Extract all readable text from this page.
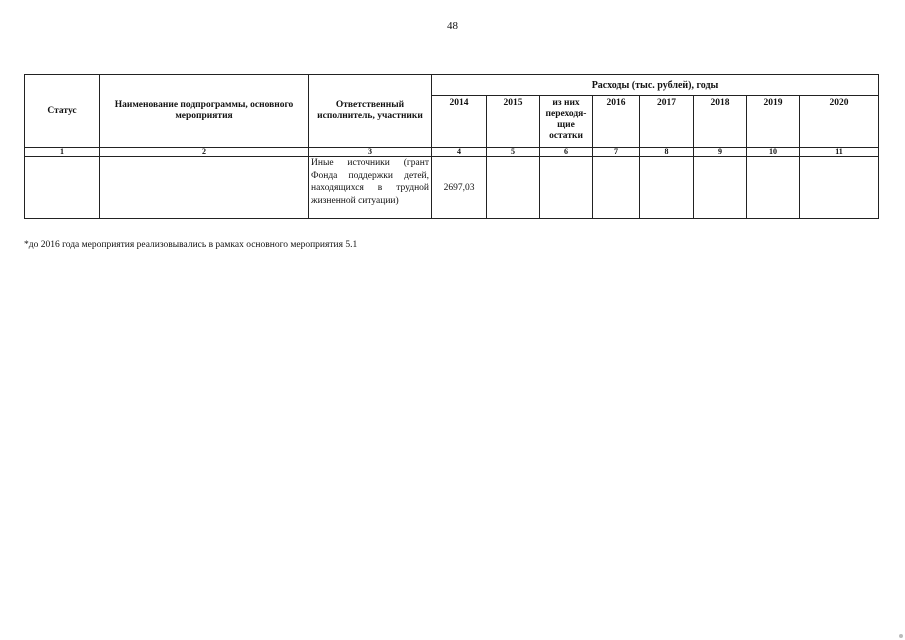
48
Статус	Наименование подпрограммы, основного мероприятия	Ответственный исполнитель, участники	Расходы (тыс. рублей), годы							
			2014	2015	из них переходя-щие остатки	2016	2017	2018	2019	2020
1	2	3	4	5	6	7	8	9	10	11
		Иные источники (грант Фонда поддержки детей, находящихся в трудной жизненной ситуации)	2697,03							
*до 2016 года мероприятия реализовывались в рамках основного мероприятия 5.1
